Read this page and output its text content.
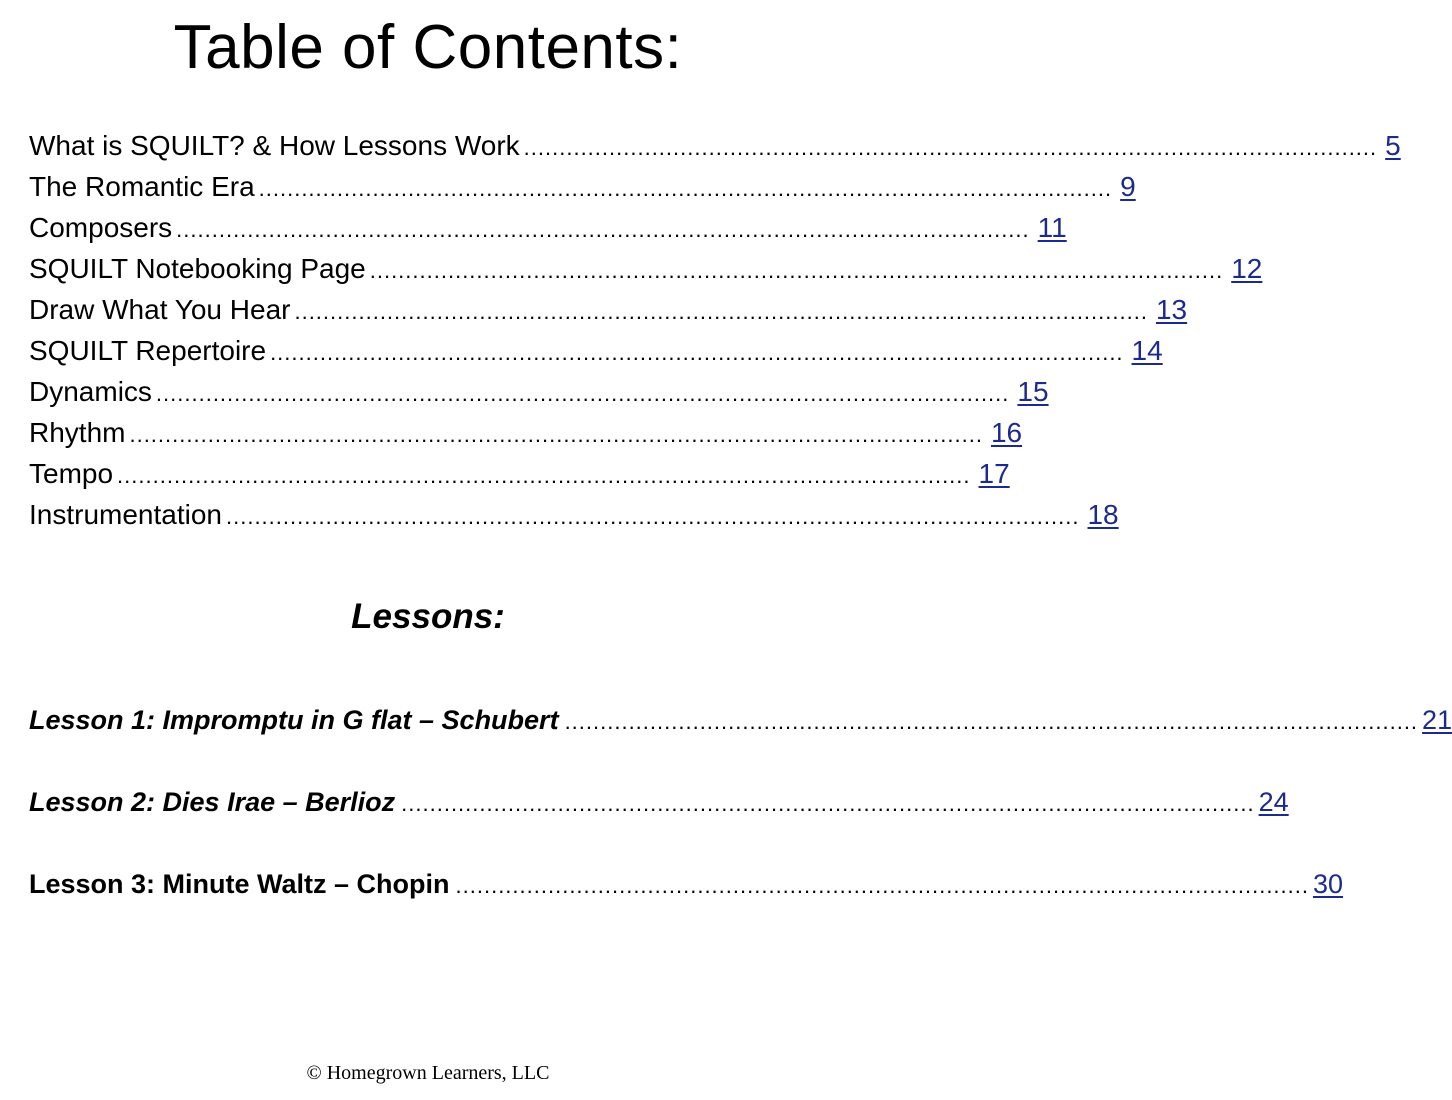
Table of Contents:
What is SQUILT? & How Lessons Work ........................................................................................................................ 5
The Romantic Era ........................................................................................................................ 9
Composers ........................................................................................................................ 11
SQUILT Notebooking Page ........................................................................................................................ 12
Draw What You Hear ........................................................................................................................ 13
SQUILT Repertoire ........................................................................................................................ 14
Dynamics ........................................................................................................................ 15
Rhythm ........................................................................................................................ 16
Tempo ........................................................................................................................ 17
Instrumentation ........................................................................................................................ 18
Lessons:
Lesson 1: Impromptu in G flat – Schubert ........................................................................................................................ 21
Lesson 2: Dies Irae – Berlioz ........................................................................................................................ 24
Lesson 3: Minute Waltz – Chopin ........................................................................................................................ 30
© Homegrown Learners, LLC
